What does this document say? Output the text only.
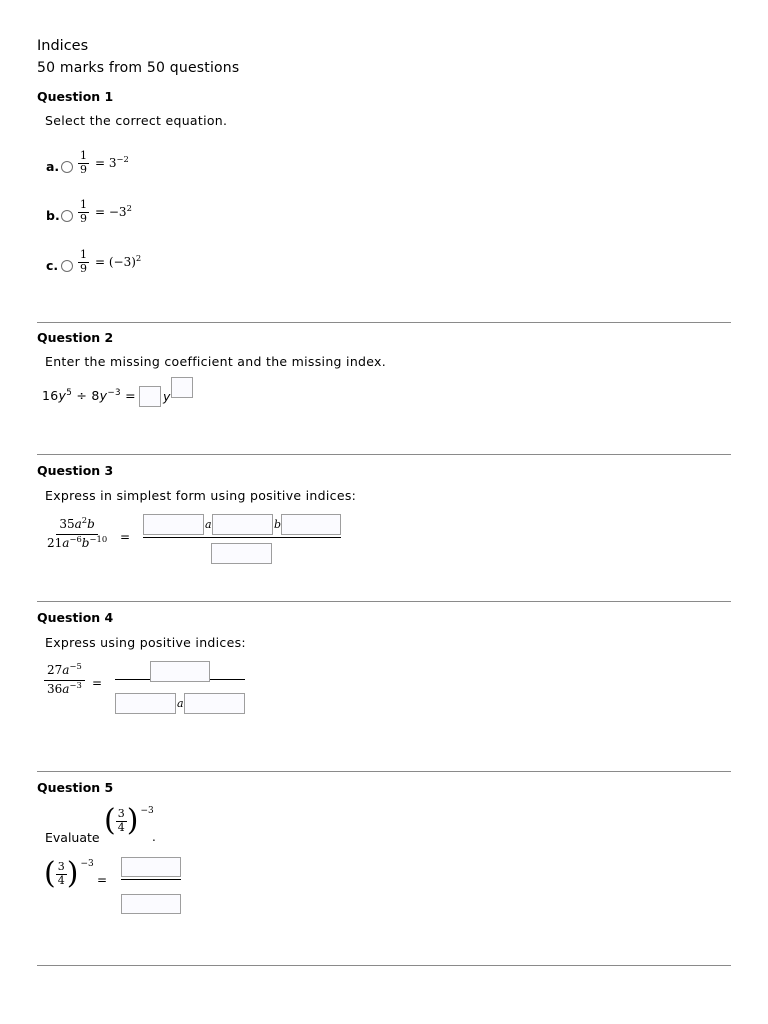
Indices
50 marks from 50 questions
Question 1
Select the correct equation.
a. $\frac{1}{9} = 3^{-2}$
b. $\frac{1}{9} = -3^2$
c. $\frac{1}{9} = (-3)^2$
Question 2
Enter the missing coefficient and the missing index.
$16y^5 \div 8y^{-3} = y$
Question 3
Express in simplest form using positive indices:
$\frac{35a^2b}{21a^{-6}b^{-10}}$ =
a	b
Question 4
Express using positive indices:
$\frac{27a^{-5}}{36a^{-3}}$ =
a
Question 5
Evaluate ( $\frac{3}{4}$ ) −3
.
( $\frac{3}{4}$ ) −3
=
